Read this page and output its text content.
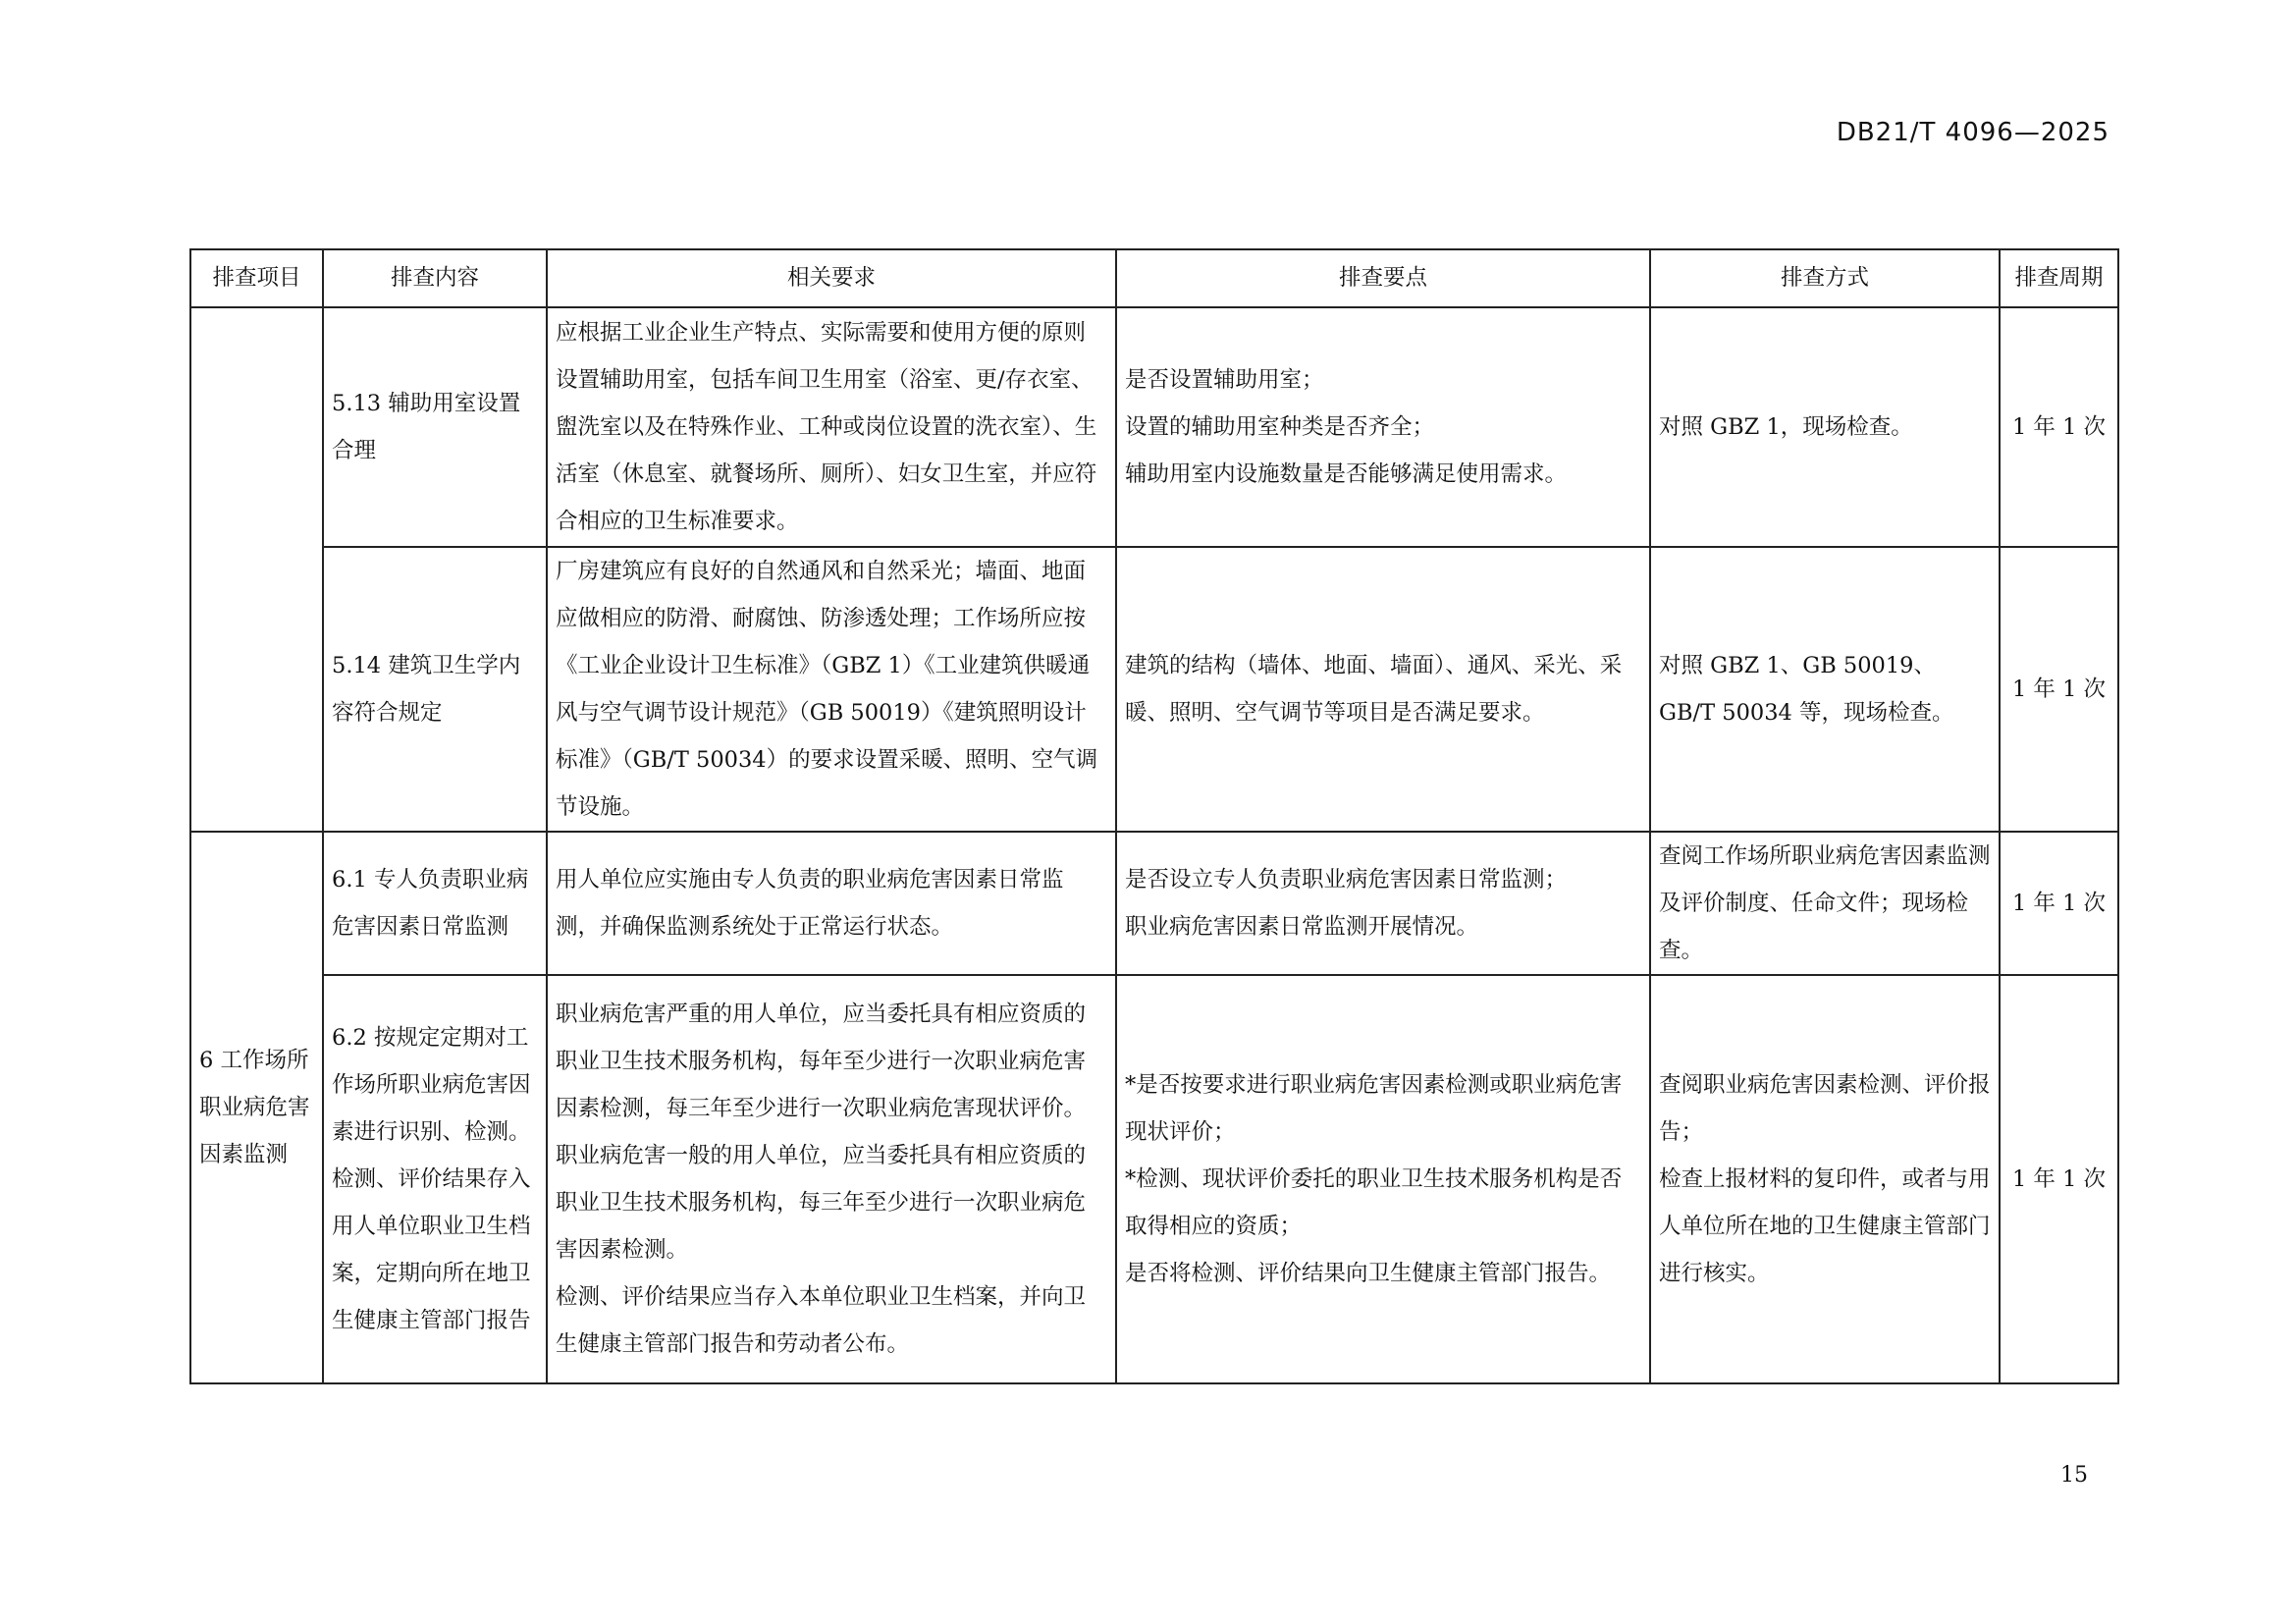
DB21/T 4096—2025
排查项目	排查内容	相关要求	排查要点	排查方式	排查周期
	5.13 辅助用室设置合理	应根据工业企业生产特点、实际需要和使用方便的原则设置辅助用室，包括车间卫生用室（浴室、更/存衣室、盥洗室以及在特殊作业、工种或岗位设置的洗衣室）、生活室（休息室、就餐场所、厕所）、妇女卫生室，并应符合相应的卫生标准要求。	是否设置辅助用室；
设置的辅助用室种类是否齐全；
辅助用室内设施数量是否能够满足使用需求。	对照 GBZ 1，现场检查。	1 年 1 次
	5.14 建筑卫生学内容符合规定	厂房建筑应有良好的自然通风和自然采光；墙面、地面应做相应的防滑、耐腐蚀、防渗透处理；工作场所应按《工业企业设计卫生标准》（GBZ 1）《工业建筑供暖通风与空气调节设计规范》（GB 50019）《建筑照明设计标准》（GB/T 50034）的要求设置采暖、照明、空气调节设施。	建筑的结构（墙体、地面、墙面）、通风、采光、采暖、照明、空气调节等项目是否满足要求。	对照 GBZ 1、GB 50019、GB/T 50034 等，现场检查。	1 年 1 次
6 工作场所职业病危害因素监测	6.1 专人负责职业病危害因素日常监测	用人单位应实施由专人负责的职业病危害因素日常监测，并确保监测系统处于正常运行状态。	是否设立专人负责职业病危害因素日常监测；
职业病危害因素日常监测开展情况。	查阅工作场所职业病危害因素监测及评价制度、任命文件；现场检查。	1 年 1 次
	6.2 按规定定期对工作场所职业病危害因素进行识别、检测。检测、评价结果存入用人单位职业卫生档案，定期向所在地卫生健康主管部门报告	职业病危害严重的用人单位，应当委托具有相应资质的职业卫生技术服务机构，每年至少进行一次职业病危害因素检测，每三年至少进行一次职业病危害现状评价。
职业病危害一般的用人单位，应当委托具有相应资质的职业卫生技术服务机构，每三年至少进行一次职业病危害因素检测。
检测、评价结果应当存入本单位职业卫生档案，并向卫生健康主管部门报告和劳动者公布。	*是否按要求进行职业病危害因素检测或职业病危害现状评价；
*检测、现状评价委托的职业卫生技术服务机构是否取得相应的资质；
是否将检测、评价结果向卫生健康主管部门报告。	查阅职业病危害因素检测、评价报告；
检查上报材料的复印件，或者与用人单位所在地的卫生健康主管部门进行核实。	1 年 1 次
15
